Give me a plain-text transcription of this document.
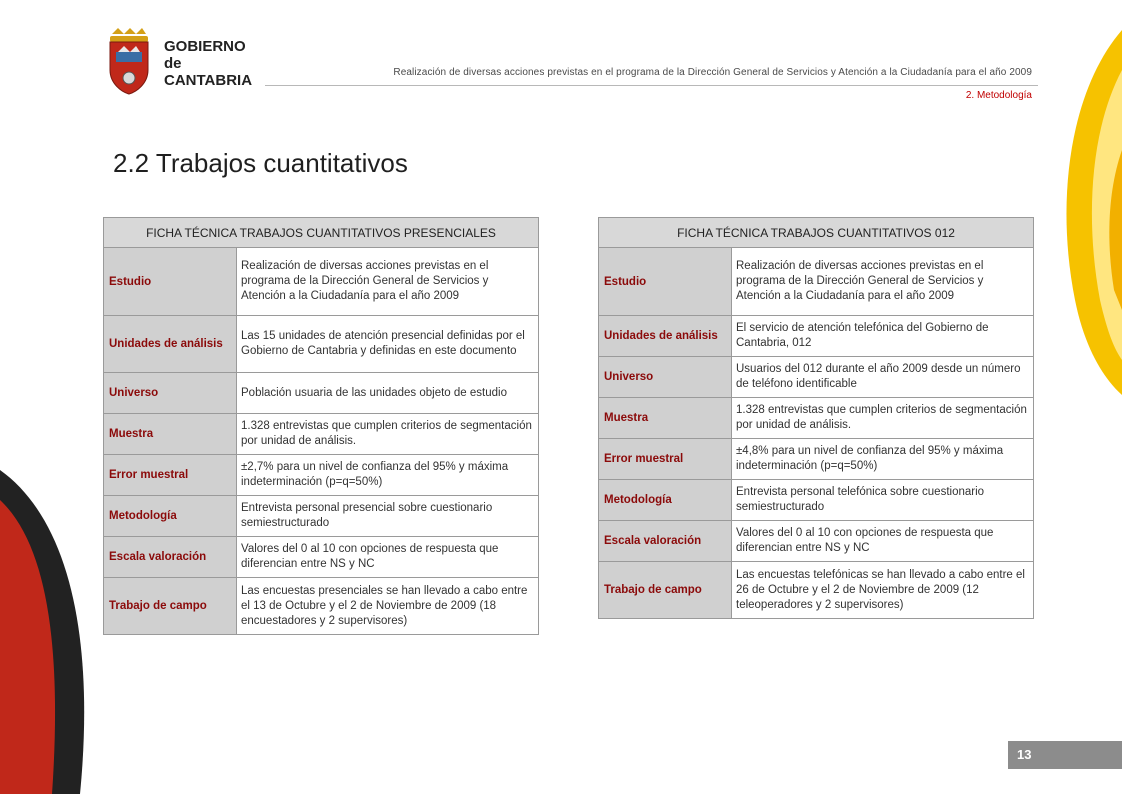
GOBIERNO
de
CANTABRIA	Realización de diversas acciones previstas en el programa de la Dirección General de Servicios y Atención a la Ciudadanía para el año 2009
2. Metodología
2.2 Trabajos cuantitativos
FICHA TÉCNICA TRABAJOS CUANTITATIVOS PRESENCIALES	
Estudio	Realización de diversas acciones previstas en el programa de la Dirección General de Servicios y Atención a la Ciudadanía para el año 2009
Unidades de análisis	Las 15 unidades de atención presencial definidas por el Gobierno de Cantabria y definidas en este documento
Universo	Población usuaria de las unidades objeto de estudio
Muestra	1.328 entrevistas que cumplen criterios de segmentación por unidad de análisis.
Error muestral	±2,7% para un nivel de confianza del 95% y máxima indeterminación (p=q=50%)
Metodología	Entrevista personal presencial sobre cuestionario semiestructurado
Escala valoración	Valores del 0 al 10 con opciones de respuesta que diferencian entre NS y NC
Trabajo de campo	Las encuestas presenciales se han llevado a cabo entre el 13 de Octubre y el 2 de Noviembre de 2009 (18 encuestadores y 2 supervisores)
FICHA TÉCNICA TRABAJOS CUANTITATIVOS 012	
Estudio	Realización de diversas acciones previstas en el programa de la Dirección General de Servicios y Atención a la Ciudadanía para el año 2009
Unidades de análisis	El servicio de atención telefónica del Gobierno de Cantabria, 012
Universo	Usuarios del 012 durante el año 2009 desde un número de teléfono identificable
Muestra	1.328 entrevistas que cumplen criterios de segmentación por unidad de análisis.
Error muestral	±4,8% para un nivel de confianza del 95% y máxima indeterminación (p=q=50%)
Metodología	Entrevista personal telefónica sobre cuestionario semiestructurado
Escala valoración	Valores del 0 al 10 con opciones de respuesta que diferencian entre NS y NC
Trabajo de campo	Las encuestas telefónicas se han llevado a cabo entre el 26 de Octubre y el 2 de Noviembre de 2009 (12 teleoperadores y 2 supervisores)
13
